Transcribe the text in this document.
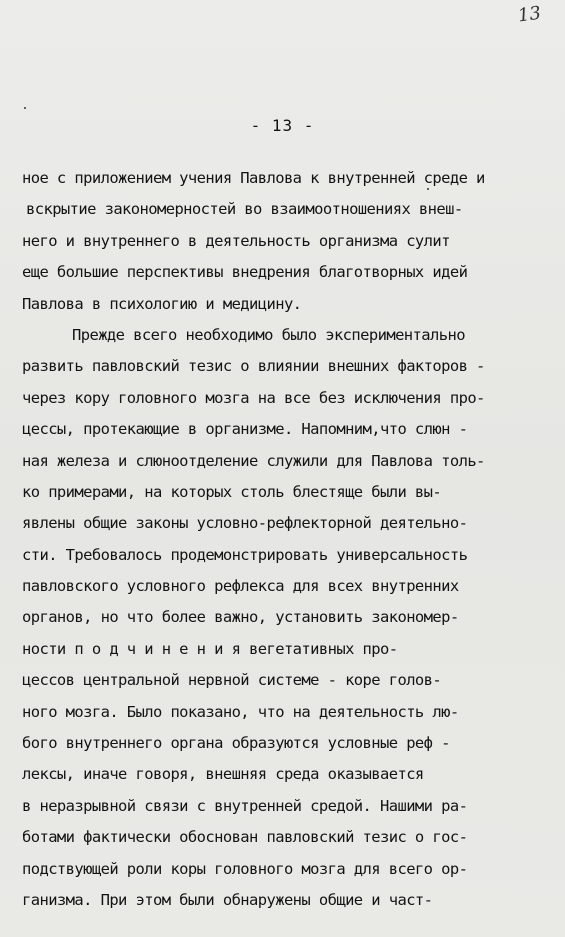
13
- 13 -
ное с приложением учения Павлова к внутренней среде и
вскрытие закономерностей во взаимоотношениях внеш-
него и внутреннего в деятельность организма сулит
еще большие перспективы внедрения благотворных идей
Павлова в психологию и медицину.
Прежде всего необходимо было экспериментально
развить павловский тезис о влиянии внешних факторов -
через кору головного мозга на все без исключения про-
цессы, протекающие в организме. Напомним,что слюн -
ная железа и слюноотделение служили для Павлова толь-
ко примерами, на которых столь блестяще были вы-
явлены общие законы условно-рефлекторной деятельно-
сти. Требовалось продемонстрировать универсальность
павловского условного рефлекса для всех внутренних
органов, но что более важно, установить закономер-
ности п о д ч и н е н и я вегетативных про-
цессов центральной нервной системе - коре голов-
ного мозга. Было показано, что на деятельность лю-
бого внутреннего органа образуются условные реф -
лексы, иначе говоря, внешняя среда оказывается
в неразрывной связи с внутренней средой. Нашими ра-
ботами фактически обоснован павловский тезис о гос-
подствующей роли коры головного мозга для всего ор-
ганизма. При этом были обнаружены общие и част-
